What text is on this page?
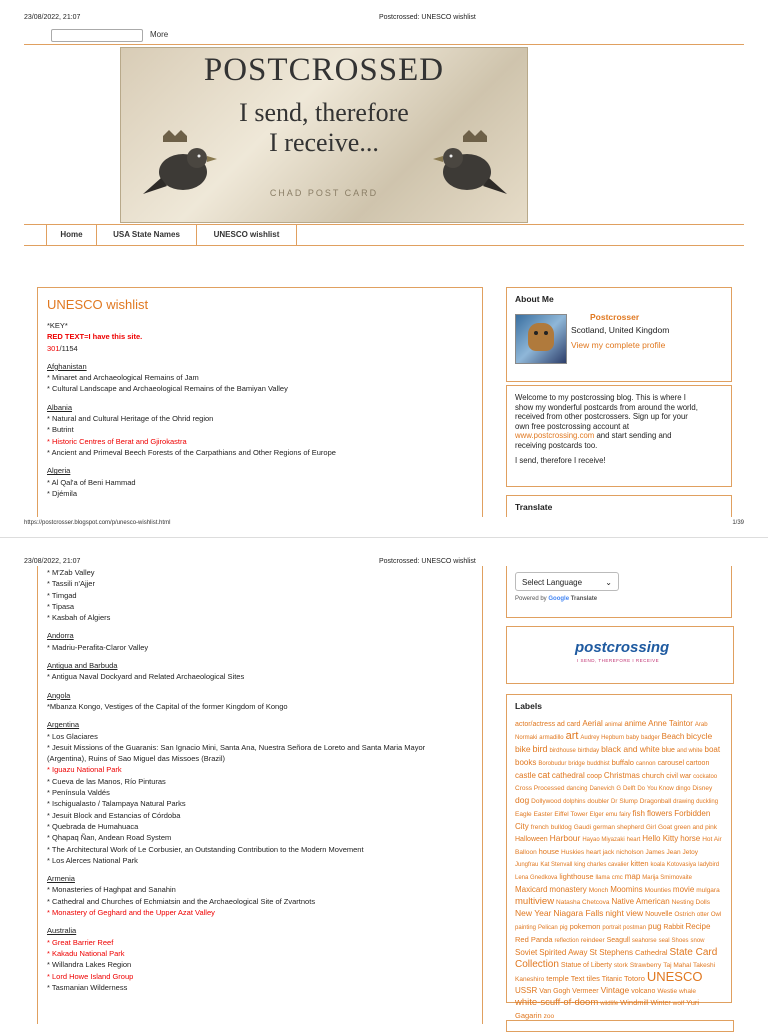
23/08/2022, 21:07	Postcrossed: UNESCO wishlist
More
POSTCROSSED
I send, therefore
I receive...
CHAD POST CARD
Home	USA State Names	UNESCO wishlist
UNESCO wishlist
*KEY*
RED TEXT=I have this site.
301/1154
Afghanistan
* Minaret and Archaeological Remains of Jam
* Cultural Landscape and Archaeological Remains of the Bamiyan Valley
Albania
* Natural and Cultural Heritage of the Ohrid region
* Butrint
* Historic Centres of Berat and Gjirokastra
* Ancient and Primeval Beech Forests of the Carpathians and Other Regions of Europe
Algeria
* Al Qal'a of Beni Hammad
* Djémila
About Me
Postcrosser
Scotland, United Kingdom
View my complete profile
Welcome to my postcrossing blog. This is where I
show my wonderful postcards from around the world,
received from other postcrossers. Sign up for your
own free postcrossing account at
www.postcrossing.com and start sending and
receiving postcards too.
I send, therefore I receive!
Translate
https://postcrosser.blogspot.com/p/unesco-wishlist.html	1/39
23/08/2022, 21:07	Postcrossed: UNESCO wishlist
* M'Zab Valley
* Tassili n'Ajjer
* Timgad
* Tipasa
* Kasbah of Algiers
Andorra
* Madriu-Perafita-Claror Valley
Antigua and Barbuda
* Antigua Naval Dockyard and Related Archaeological Sites
Angola
*Mbanza Kongo, Vestiges of the Capital of the former Kingdom of Kongo
Argentina
* Los Glaciares
* Jesuit Missions of the Guaranis: San Ignacio Mini, Santa Ana, Nuestra Señora de Loreto and Santa Maria Mayor
(Argentina), Ruins of Sao Miguel das Missoes (Brazil)
* Iguazu National Park
* Cueva de las Manos, Río Pinturas
* Península Valdés
* Ischigualasto / Talampaya Natural Parks
* Jesuit Block and Estancias of Córdoba
* Quebrada de Humahuaca
* Qhapaq Ñan, Andean Road System
* The Architectural Work of Le Corbusier, an Outstanding Contribution to the Modern Movement
* Los Alerces National Park
Armenia
* Monasteries of Haghpat and Sanahin
* Cathedral and Churches of Echmiatsin and the Archaeological Site of Zvartnots
* Monastery of Geghard and the Upper Azat Valley
Australia
* Great Barrier Reef
* Kakadu National Park
* Willandra Lakes Region
* Lord Howe Island Group
* Tasmanian Wilderness
Select Language	⌄
Powered by Google Translate
postcrossing
I SEND, THEREFORE I RECEIVE
Labels
actor/actress ad card Aerial animal anime Anne Taintor Arab Normaki armadillo art Audrey Hepburn baby badger Beach bicycle bike bird birdhouse birthday black and white blue and white boat books Borobudur bridge buddhist buffalo cannon carousel cartoon castle cat cathedral coop Christmas church civil war cockatoo Cross Processed dancing Danevich G Delft Do You Know dingo Disney dog Dollywood dolphins doubler Dr Slump Dragonball drawing duckling Eagle Easter Eiffel Tower Elger emu fairy fish flowers Forbidden City french bulldog Gaudi german shepherd Girl Goat green and pink Halloween Harbour Hayao Miyazaki heart Hello Kitty horse Hot Air Balloon house Huskies heart jack nicholson James Jean Jetoy Jungfrau Kat Stenvall king charles cavalier kitten koala Kotovasiya ladybird Lena Gnedkova lighthouse llama cmc map Marija Smirnovaite Maxicard monastery Monch Moomins Mounties movie mulgara multiview Natasha Chetcova Native American Nesting Dolls New Year Niagara Falls night view Nouvelle Ostrich otter Owl painting Pelican pig pokemon portrait postman pug Rabbit Recipe Red Panda reflection reindeer Seagull seahorse seal Shoes snow Soviet Spirited Away St Stephens Cathedral State Card Collection Statue of Liberty stork Strawberry Taj Mahal Takeshi Kaneshiro temple Text tiles Titanic Totoro UNESCO USSR Van Gogh Vermeer Vintage volcano Westie whale white-scuff-of-doom wildlife Windmill Winter wolf Yuri Gagarin zoo
